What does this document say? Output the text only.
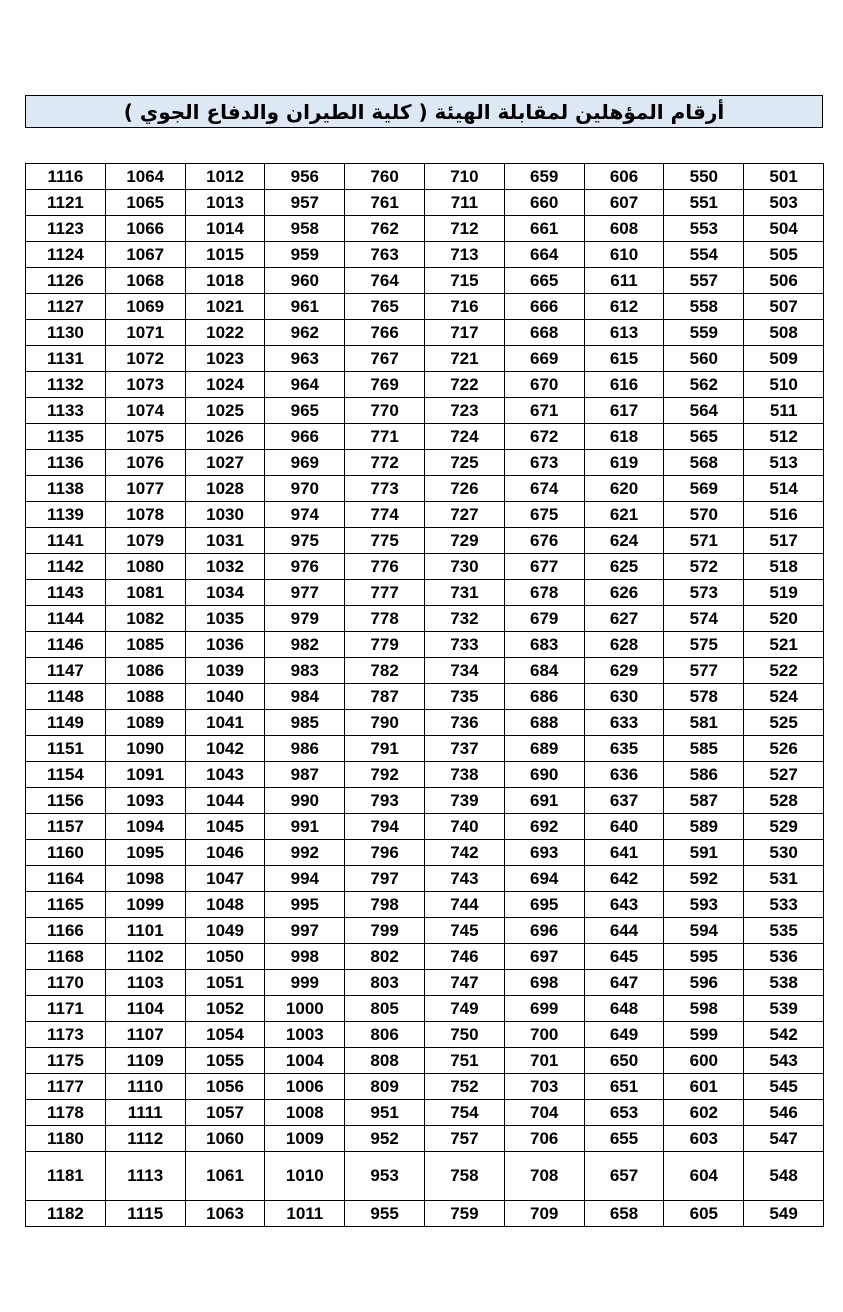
أرقام المؤهلين لمقابلة الهيئة ( كلية الطيران والدفاع الجوي )
501	550	606	659	710	760	956	1012	1064	1116
503	551	607	660	711	761	957	1013	1065	1121
504	553	608	661	712	762	958	1014	1066	1123
505	554	610	664	713	763	959	1015	1067	1124
506	557	611	665	715	764	960	1018	1068	1126
507	558	612	666	716	765	961	1021	1069	1127
508	559	613	668	717	766	962	1022	1071	1130
509	560	615	669	721	767	963	1023	1072	1131
510	562	616	670	722	769	964	1024	1073	1132
511	564	617	671	723	770	965	1025	1074	1133
512	565	618	672	724	771	966	1026	1075	1135
513	568	619	673	725	772	969	1027	1076	1136
514	569	620	674	726	773	970	1028	1077	1138
516	570	621	675	727	774	974	1030	1078	1139
517	571	624	676	729	775	975	1031	1079	1141
518	572	625	677	730	776	976	1032	1080	1142
519	573	626	678	731	777	977	1034	1081	1143
520	574	627	679	732	778	979	1035	1082	1144
521	575	628	683	733	779	982	1036	1085	1146
522	577	629	684	734	782	983	1039	1086	1147
524	578	630	686	735	787	984	1040	1088	1148
525	581	633	688	736	790	985	1041	1089	1149
526	585	635	689	737	791	986	1042	1090	1151
527	586	636	690	738	792	987	1043	1091	1154
528	587	637	691	739	793	990	1044	1093	1156
529	589	640	692	740	794	991	1045	1094	1157
530	591	641	693	742	796	992	1046	1095	1160
531	592	642	694	743	797	994	1047	1098	1164
533	593	643	695	744	798	995	1048	1099	1165
535	594	644	696	745	799	997	1049	1101	1166
536	595	645	697	746	802	998	1050	1102	1168
538	596	647	698	747	803	999	1051	1103	1170
539	598	648	699	749	805	1000	1052	1104	1171
542	599	649	700	750	806	1003	1054	1107	1173
543	600	650	701	751	808	1004	1055	1109	1175
545	601	651	703	752	809	1006	1056	1110	1177
546	602	653	704	754	951	1008	1057	1111	1178
547	603	655	706	757	952	1009	1060	1112	1180
548	604	657	708	758	953	1010	1061	1113	1181
549	605	658	709	759	955	1011	1063	1115	1182
